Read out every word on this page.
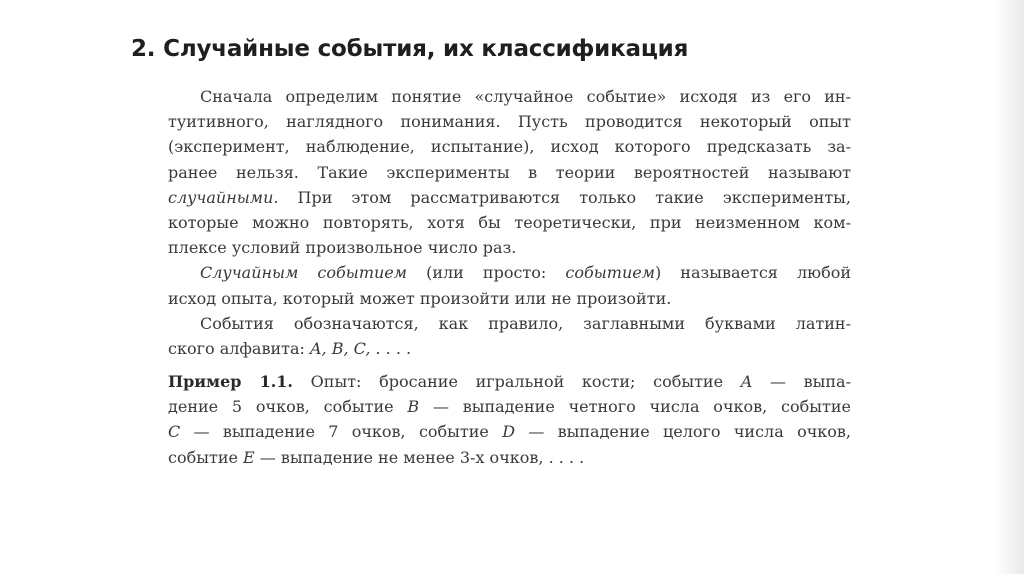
2. Случайные события, их классификация
Сначала определим понятие «случайное событие» исходя из его ин-
туитивного, наглядного понимания. Пусть проводится некоторый опыт
(эксперимент, наблюдение, испытание), исход которого предсказать за-
ранее нельзя. Такие эксперименты в теории вероятностей называют
случайными. При этом рассматриваются только такие эксперименты,
которые можно повторять, хотя бы теоретически, при неизменном ком-
плексе условий произвольное число раз.
Случайным событием (или просто: событием) называется любой
исход опыта, который может произойти или не произойти.
События обозначаются, как правило, заглавными буквами латин-
ского алфавита: A, B, C, . . . .
Пример 1.1. Опыт: бросание игральной кости; событие A — выпа-
дение 5 очков, событие B — выпадение четного числа очков, событие
C — выпадение 7 очков, событие D — выпадение целого числа очков,
событие E — выпадение не менее 3-х очков, . . . .
